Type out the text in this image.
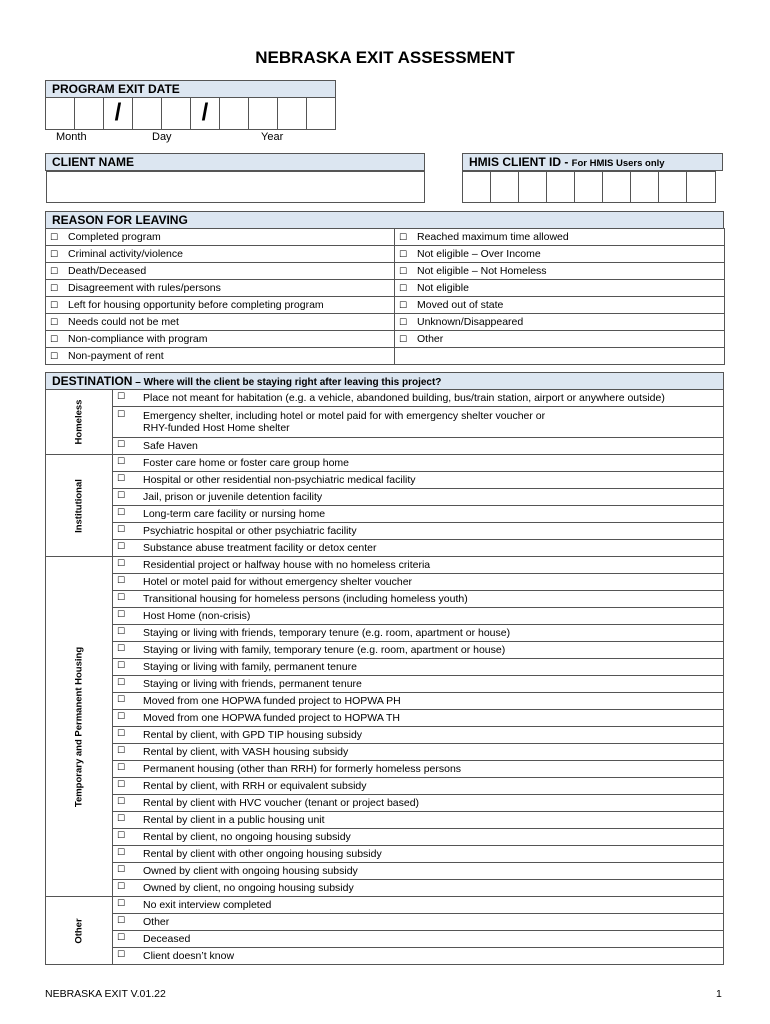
NEBRASKA EXIT ASSESSMENT
PROGRAM EXIT DATE
/	/
Month	Day	Year
CLIENT NAME	HMIS CLIENT ID - For HMIS Users only
REASON FOR LEAVING
☐ Completed program	☐ Reached maximum time allowed
☐ Criminal activity/violence	☐ Not eligible – Over Income
☐ Death/Deceased	☐ Not eligible – Not Homeless
☐ Disagreement with rules/persons	☐ Not eligible
☐ Left for housing opportunity before completing program	☐ Moved out of state
☐ Needs could not be met	☐ Unknown/Disappeared
☐ Non-compliance with program	☐ Other
☐ Non-payment of rent	
DESTINATION – Where will the client be staying right after leaving this project?
Homeless	☐ Place not meant for habitation (e.g. a vehicle, abandoned building, bus/train station, airport or anywhere outside)

	☐ Emergency shelter, including hotel or motel paid for with emergency shelter voucher or
RHY-funded Host Home shelter

	☐ Safe Haven

Institutional	☐ Foster care home or foster care group home

	☐ Hospital or other residential non-psychiatric medical facility

	☐ Jail, prison or juvenile detention facility

	☐ Long-term care facility or nursing home

	☐ Psychiatric hospital or other psychiatric facility

	☐ Substance abuse treatment facility or detox center

Temporary and Permanent Housing	☐ Residential project or halfway house with no homeless criteria

	☐ Hotel or motel paid for without emergency shelter voucher

	☐ Transitional housing for homeless persons (including homeless youth)

	☐ Host Home (non-crisis)

	☐ Staying or living with friends, temporary tenure (e.g. room, apartment or house)

	☐ Staying or living with family, temporary tenure (e.g. room, apartment or house)

	☐ Staying or living with family, permanent tenure

	☐ Staying or living with friends, permanent tenure

	☐ Moved from one HOPWA funded project to HOPWA PH

	☐ Moved from one HOPWA funded project to HOPWA TH

	☐ Rental by client, with GPD TIP housing subsidy

	☐ Rental by client, with VASH housing subsidy

	☐ Permanent housing (other than RRH) for formerly homeless persons

	☐ Rental by client, with RRH or equivalent subsidy

	☐ Rental by client with HVC voucher (tenant or project based)

	☐ Rental by client in a public housing unit

	☐ Rental by client, no ongoing housing subsidy

	☐ Rental by client with other ongoing housing subsidy

	☐ Owned by client with ongoing housing subsidy

	☐ Owned by client, no ongoing housing subsidy

Other	☐ No exit interview completed

	☐ Other

	☐ Deceased

	☐ Client doesn’t know
NEBRASKA EXIT V.01.22	1
